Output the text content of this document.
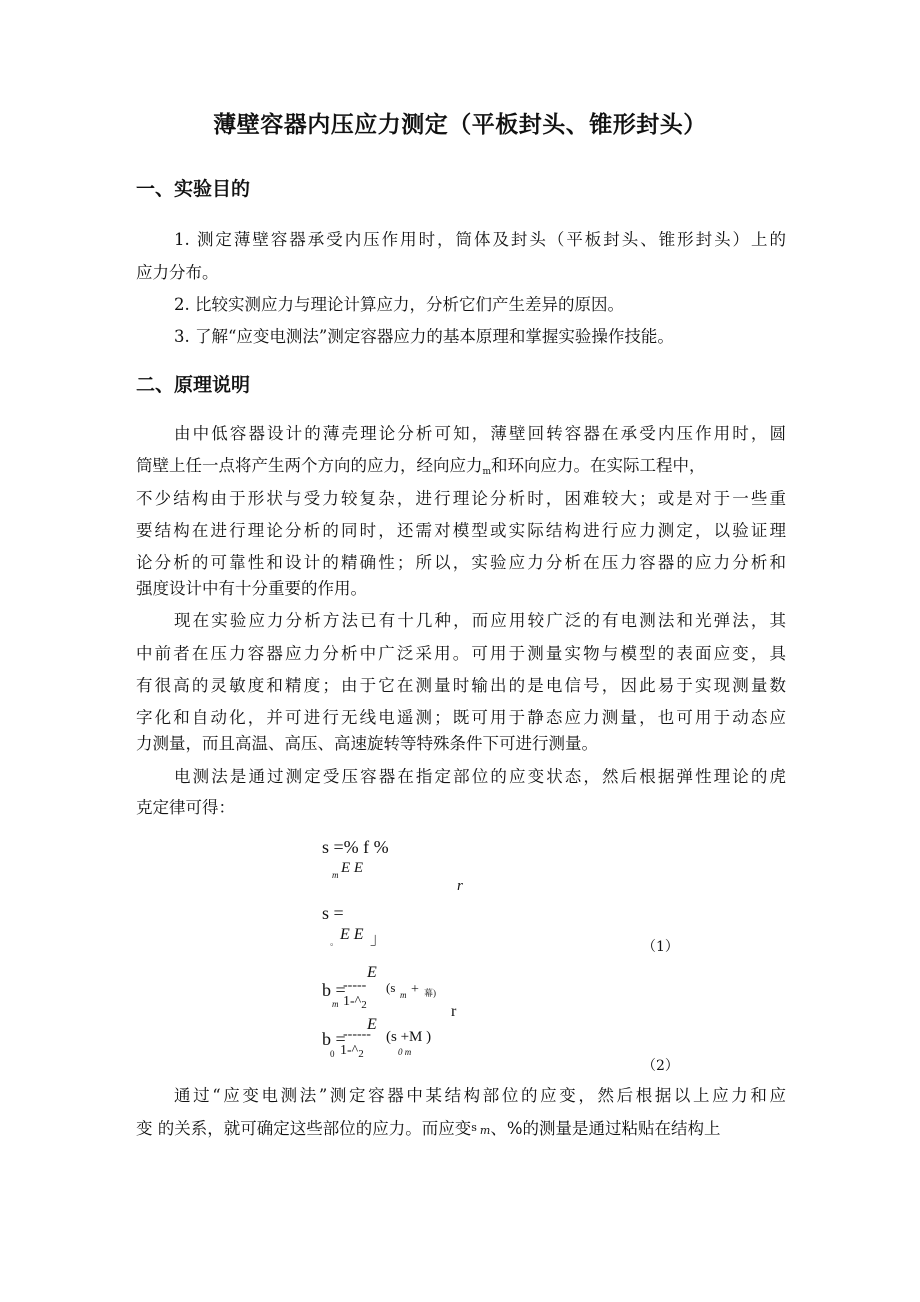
薄壁容器内压应力测定（平板封头、锥形封头）
一、实验目的
1. 测定薄壁容器承受内压作用时，筒体及封头（平板封头、锥形封头）上的
应力分布。
2. 比较实测应力与理论计算应力，分析它们产生差异的原因。
3. 了解“应变电测法”测定容器应力的基本原理和掌握实验操作技能。
二、原理说明
由中低容器设计的薄壳理论分析可知，薄壁回转容器在承受内压作用时，圆
筒壁上任一点将产生两个方向的应力，经向应力m和环向应力。在实际工程中，
不少结构由于形状与受力较复杂，进行理论分析时，困难较大；或是对于一些重
要结构在进行理论分析的同时，还需对模型或实际结构进行应力测定，以验证理
论分析的可靠性和设计的精确性；所以，实验应力分析在压力容器的应力分析和
强度设计中有十分重要的作用。
现在实验应力分析方法已有十几种，而应用较广泛的有电测法和光弹法，其
中前者在压力容器应力分析中广泛采用。可用于测量实物与模型的表面应变，具
有很高的灵敏度和精度；由于它在测量时输出的是电信号，因此易于实现测量数
字化和自动化，并可进行无线电遥测；既可用于静态应力测量，也可用于动态应
力测量，而且高温、高压、高速旋转等特殊条件下可进行测量。
电测法是通过测定受压容器在指定部位的应变状态，然后根据弹性理论的虎
克定律可得：
s =% f %
m E E
r
s =
。 E E 」	（1）
E
b =
----- (s m + 幕)
m $1-\^{}_2$	r
E
b =
------ (s +M )
0 m
0 $1-\^{}_2$
（2）
通过“应变电测法”测定容器中某结构部位的应变，然后根据以上应力和应
变 的关系，就可确定这些部位的应力。而应变s m、%的测量是通过粘贴在结构上
